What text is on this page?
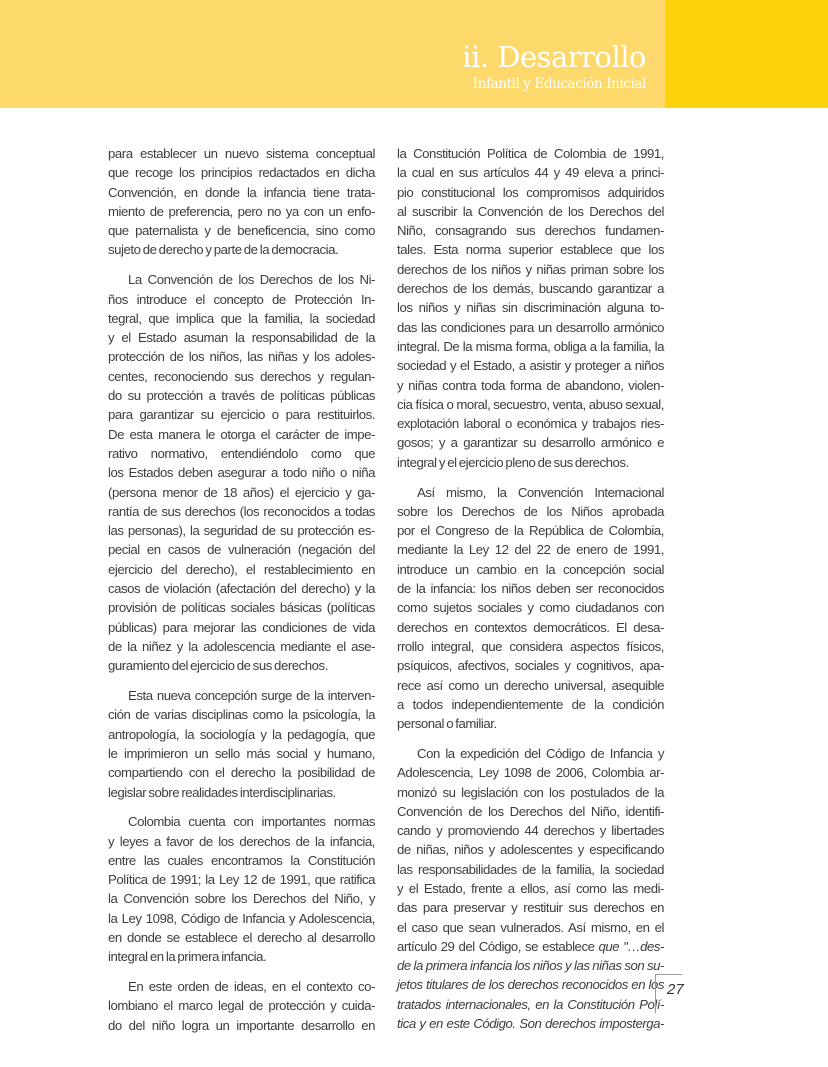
ii. Desarrollo
Infantil y Educación Inicial
para establecer un nuevo sistema conceptual
que recoge los principios redactados en dicha
Convención, en donde la infancia tiene trata-
miento de preferencia, pero no ya con un enfo-
que paternalista y de beneficencia, sino como
sujeto de derecho y parte de la democracia.
La Convención de los Derechos de los Ni-
ños introduce el concepto de Protección In-
tegral, que implica que la familia, la sociedad
y el Estado asuman la responsabilidad de la
protección de los niños, las niñas y los adoles-
centes, reconociendo sus derechos y regulan-
do su protección a través de políticas públicas
para garantizar su ejercicio o para restituirlos.
De esta manera le otorga el carácter de impe-
rativo normativo, entendiéndolo como que
los Estados deben asegurar a todo niño o niña
(persona menor de 18 años) el ejercicio y ga-
rantía de sus derechos (los reconocidos a todas
las personas), la seguridad de su protección es-
pecial en casos de vulneración (negación del
ejercicio del derecho), el restablecimiento en
casos de violación (afectación del derecho) y la
provisión de políticas sociales básicas (políticas
públicas) para mejorar las condiciones de vida
de la niñez y la adolescencia mediante el ase-
guramiento del ejercicio de sus derechos.
Esta nueva concepción surge de la interven-
ción de varias disciplinas como la psicología, la
antropología, la sociología y la pedagogía, que
le imprimieron un sello más social y humano,
compartiendo con el derecho la posibilidad de
legislar sobre realidades interdisciplinarias.
Colombia cuenta con importantes normas
y leyes a favor de los derechos de la infancia,
entre las cuales encontramos la Constitución
Política de 1991; la Ley 12 de 1991, que ratifica
la Convención sobre los Derechos del Niño, y
la Ley 1098, Código de Infancia y Adolescencia,
en donde se establece el derecho al desarrollo
integral en la primera infancia.
En este orden de ideas, en el contexto co-
lombiano el marco legal de protección y cuida-
do del niño logra un importante desarrollo en
la Constitución Política de Colombia de 1991,
la cual en sus artículos 44 y 49 eleva a princi-
pio constitucional los compromisos adquiridos
al suscribir la Convención de los Derechos del
Niño, consagrando sus derechos fundamen-
tales. Esta norma superior establece que los
derechos de los niños y niñas priman sobre los
derechos de los demás, buscando garantizar a
los niños y niñas sin discriminación alguna to-
das las condiciones para un desarrollo armónico
integral. De la misma forma, obliga a la familia, la
sociedad y el Estado, a asistir y proteger a niños
y niñas contra toda forma de abandono, violen-
cia física o moral, secuestro, venta, abuso sexual,
explotación laboral o económica y trabajos ries-
gosos; y a garantizar su desarrollo armónico e
integral y el ejercicio pleno de sus derechos.
Así mismo, la Convención Internacional
sobre los Derechos de los Niños aprobada
por el Congreso de la República de Colombia,
mediante la Ley 12 del 22 de enero de 1991,
introduce un cambio en la concepción social
de la infancia: los niños deben ser reconocidos
como sujetos sociales y como ciudadanos con
derechos en contextos democráticos. El desa-
rrollo integral, que considera aspectos físicos,
psíquicos, afectivos, sociales y cognitivos, apa-
rece así como un derecho universal, asequible
a todos independientemente de la condición
personal o familiar.
Con la expedición del Código de Infancia y
Adolescencia, Ley 1098 de 2006, Colombia ar-
monizó su legislación con los postulados de la
Convención de los Derechos del Niño, identifi-
cando y promoviendo 44 derechos y libertades
de niñas, niños y adolescentes y especificando
las responsabilidades de la familia, la sociedad
y el Estado, frente a ellos, así como las medi-
das para preservar y restituir sus derechos en
el caso que sean vulnerados. Así mismo, en el
artículo 29 del Código, se establece que "…des-
de la primera infancia los niños y las niñas son su-
jetos titulares de los derechos reconocidos en los
tratados internacionales, en la Constitución Polí-
tica y en este Código. Son derechos imposterga-
27
